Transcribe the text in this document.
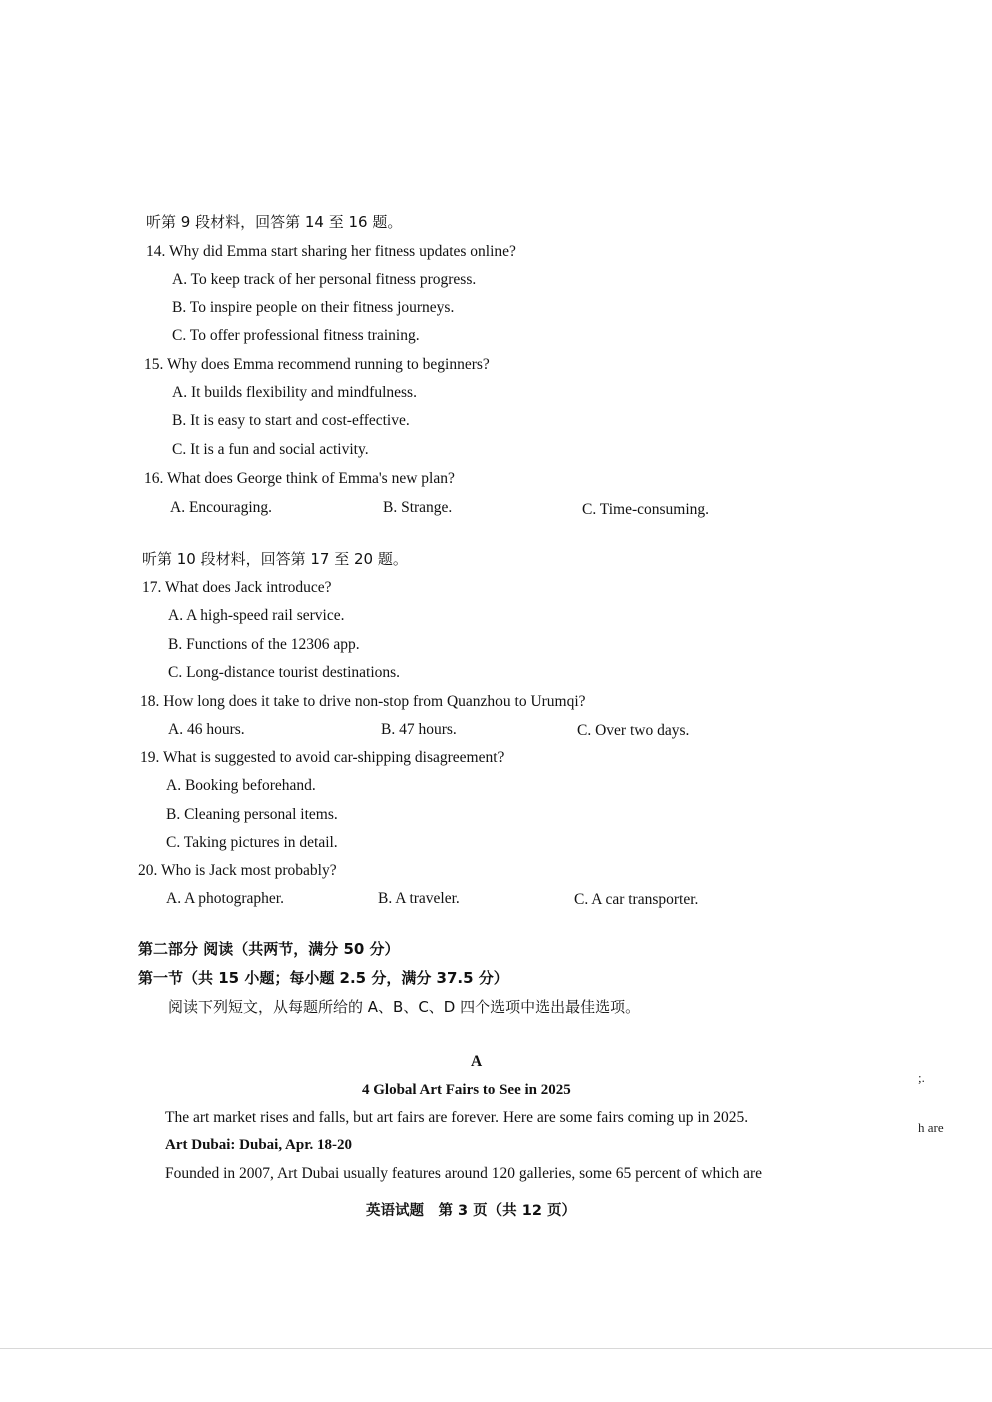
听第 9 段材料，回答第 14 至 16 题。
14. Why did Emma start sharing her fitness updates online?
A. To keep track of her personal fitness progress.
B. To inspire people on their fitness journeys.
C. To offer professional fitness training.
15. Why does Emma recommend running to beginners?
A. It builds flexibility and mindfulness.
B. It is easy to start and cost-effective.
C. It is a fun and social activity.
16. What does George think of Emma's new plan?
A. Encouraging.	B. Strange.	C. Time-consuming.
听第 10 段材料，回答第 17 至 20 题。
17. What does Jack introduce?
A. A high-speed rail service.
B. Functions of the 12306 app.
C. Long-distance tourist destinations.
18. How long does it take to drive non-stop from Quanzhou to Urumqi?
A. 46 hours.	B. 47 hours.	C. Over two days.
19. What is suggested to avoid car-shipping disagreement?
A. Booking beforehand.
B. Cleaning personal items.
C. Taking pictures in detail.
20. Who is Jack most probably?
A. A photographer.	B. A traveler.	C. A car transporter.
第二部分 阅读（共两节，满分 50 分）
第一节（共 15 小题；每小题 2.5 分，满分 37.5 分）
阅读下列短文，从每题所给的 A、B、C、D 四个选项中选出最佳选项。
A
4 Global Art Fairs to See in 2025
The art market rises and falls, but art fairs are forever. Here are some fairs coming up in 2025.
Art Dubai: Dubai, Apr. 18-20
Founded in 2007, Art Dubai usually features around 120 galleries, some 65 percent of which are
;.
h are
英语试题　第 3 页（共 12 页）
